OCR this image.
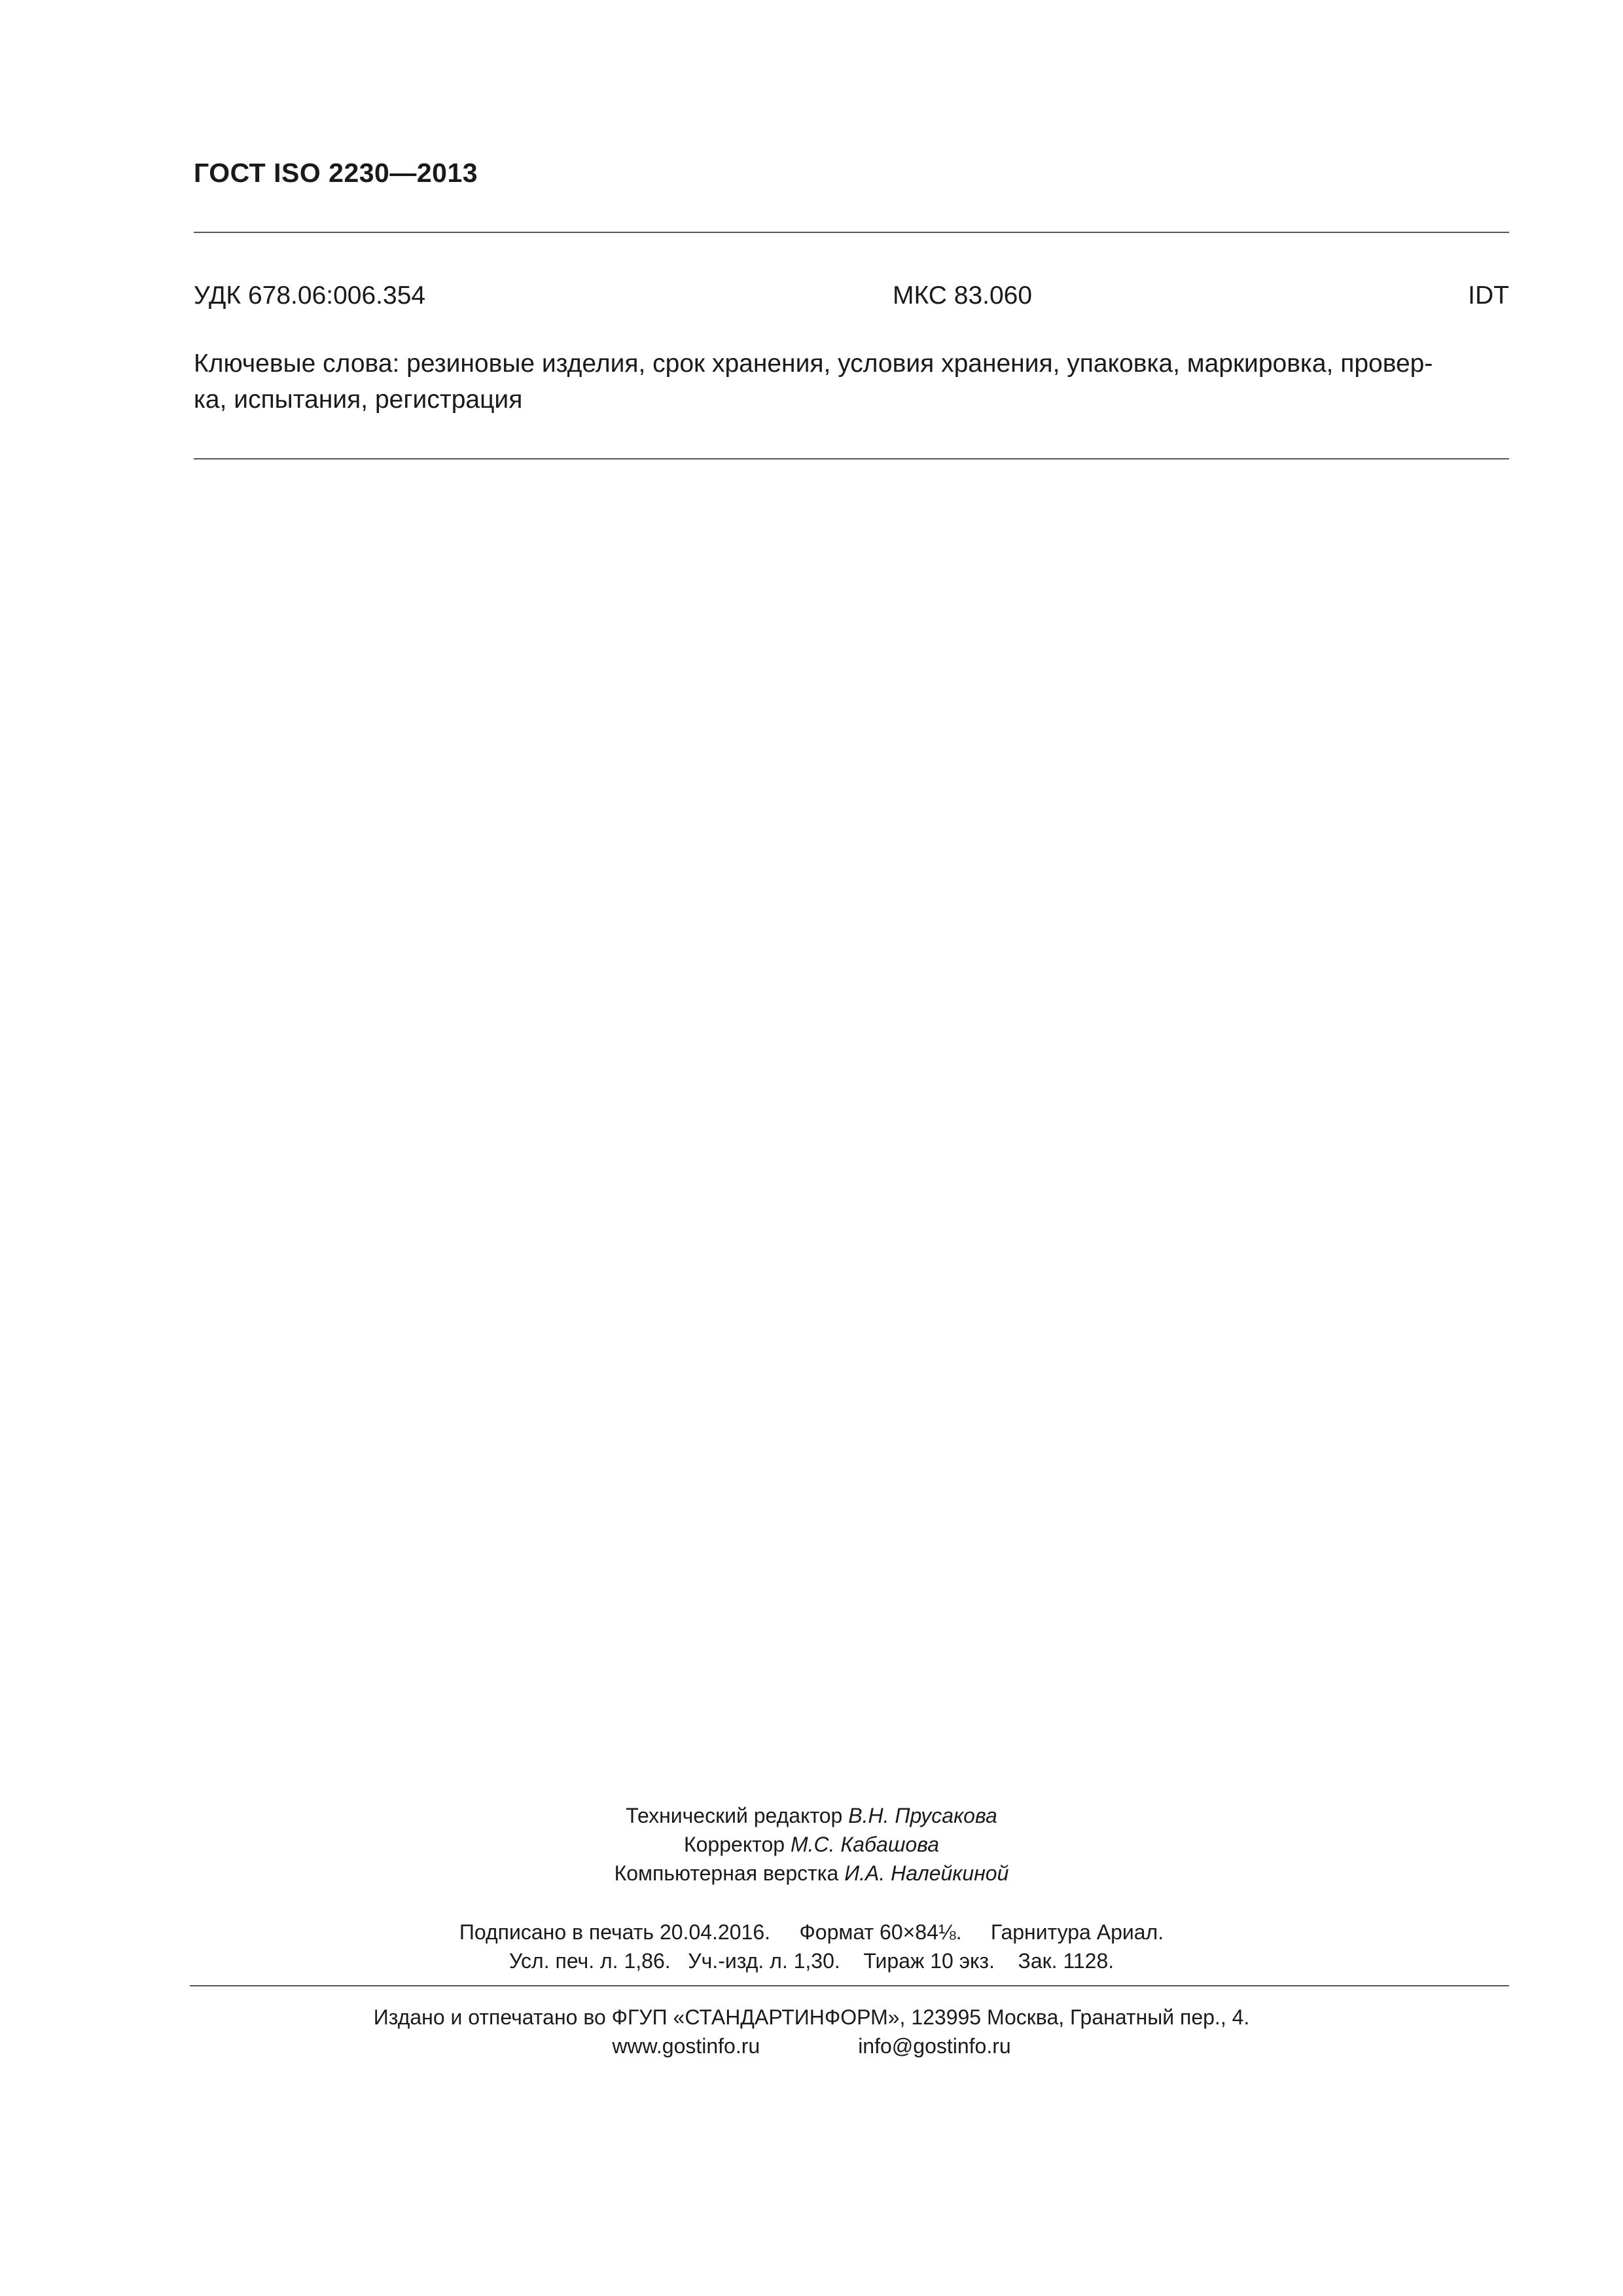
ГОСТ ISO 2230—2013
УДК 678.06:006.354	МКС 83.060	IDT
Ключевые слова: резиновые изделия, срок хранения, условия хранения, упаковка, маркировка, провер-
ка, испытания, регистрация
Технический редактор В.Н. Прусакова
Корректор М.С. Кабашова
Компьютерная верстка И.А. Налейкиной
Подписано в печать 20.04.2016. Формат 60×84⅛. Гарнитура Ариал.
Усл. печ. л. 1,86. Уч.-изд. л. 1,30. Тираж 10 экз. Зак. 1128.
Издано и отпечатано во ФГУП «СТАНДАРТИНФОРМ», 123995 Москва, Гранатный пер., 4.
www.gostinfo.ru	info@gostinfo.ru
